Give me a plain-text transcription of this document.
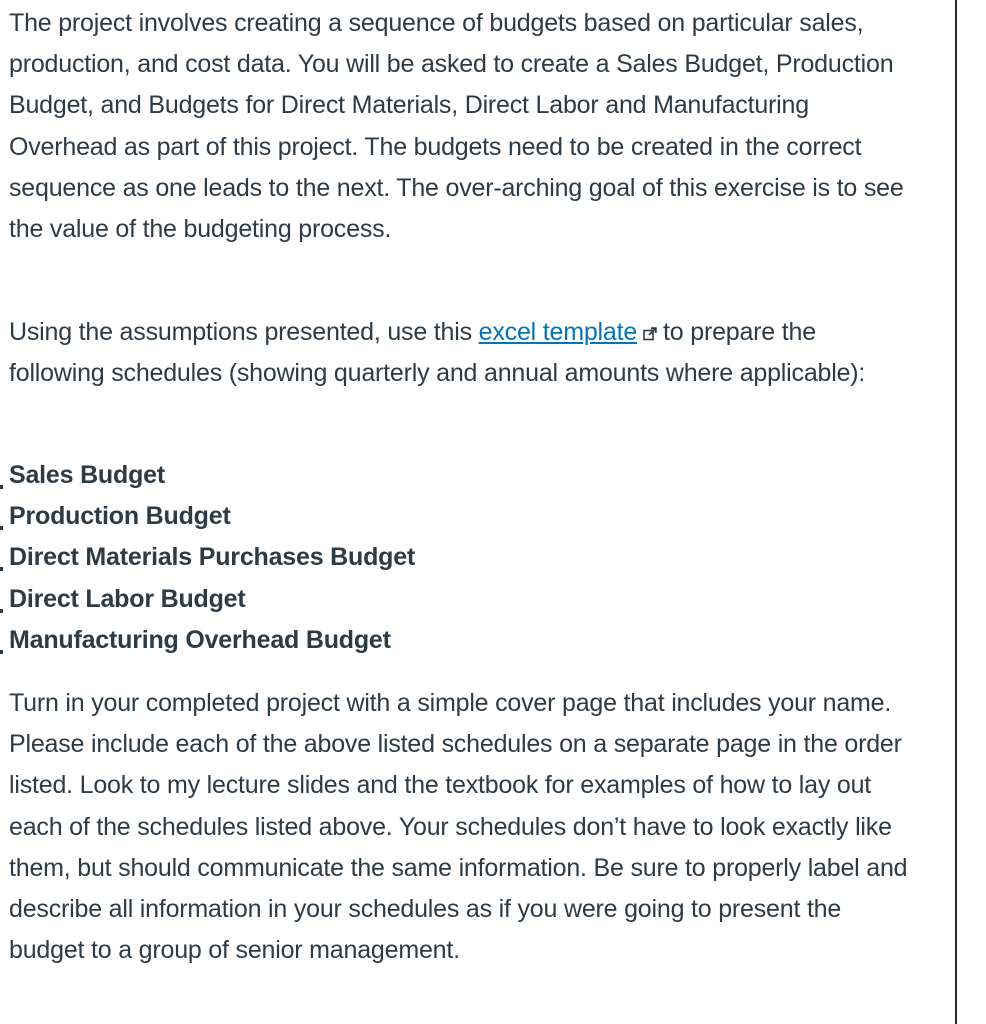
The project involves creating a sequence of budgets based on particular sales, production, and cost data. You will be asked to create a Sales Budget, Production Budget, and Budgets for Direct Materials, Direct Labor and Manufacturing Overhead as part of this project. The budgets need to be created in the correct sequence as one leads to the next. The over-arching goal of this exercise is to see the value of the budgeting process.

Using the assumptions presented, use this excel template to prepare the following schedules (showing quarterly and annual amounts where applicable):

Sales Budget
Production Budget
Direct Materials Purchases Budget
Direct Labor Budget
Manufacturing Overhead Budget

Turn in your completed project with a simple cover page that includes your name. Please include each of the above listed schedules on a separate page in the order listed. Look to my lecture slides and the textbook for examples of how to lay out each of the schedules listed above. Your schedules don’t have to look exactly like them, but should communicate the same information. Be sure to properly label and describe all information in your schedules as if you were going to present the budget to a group of senior management.
